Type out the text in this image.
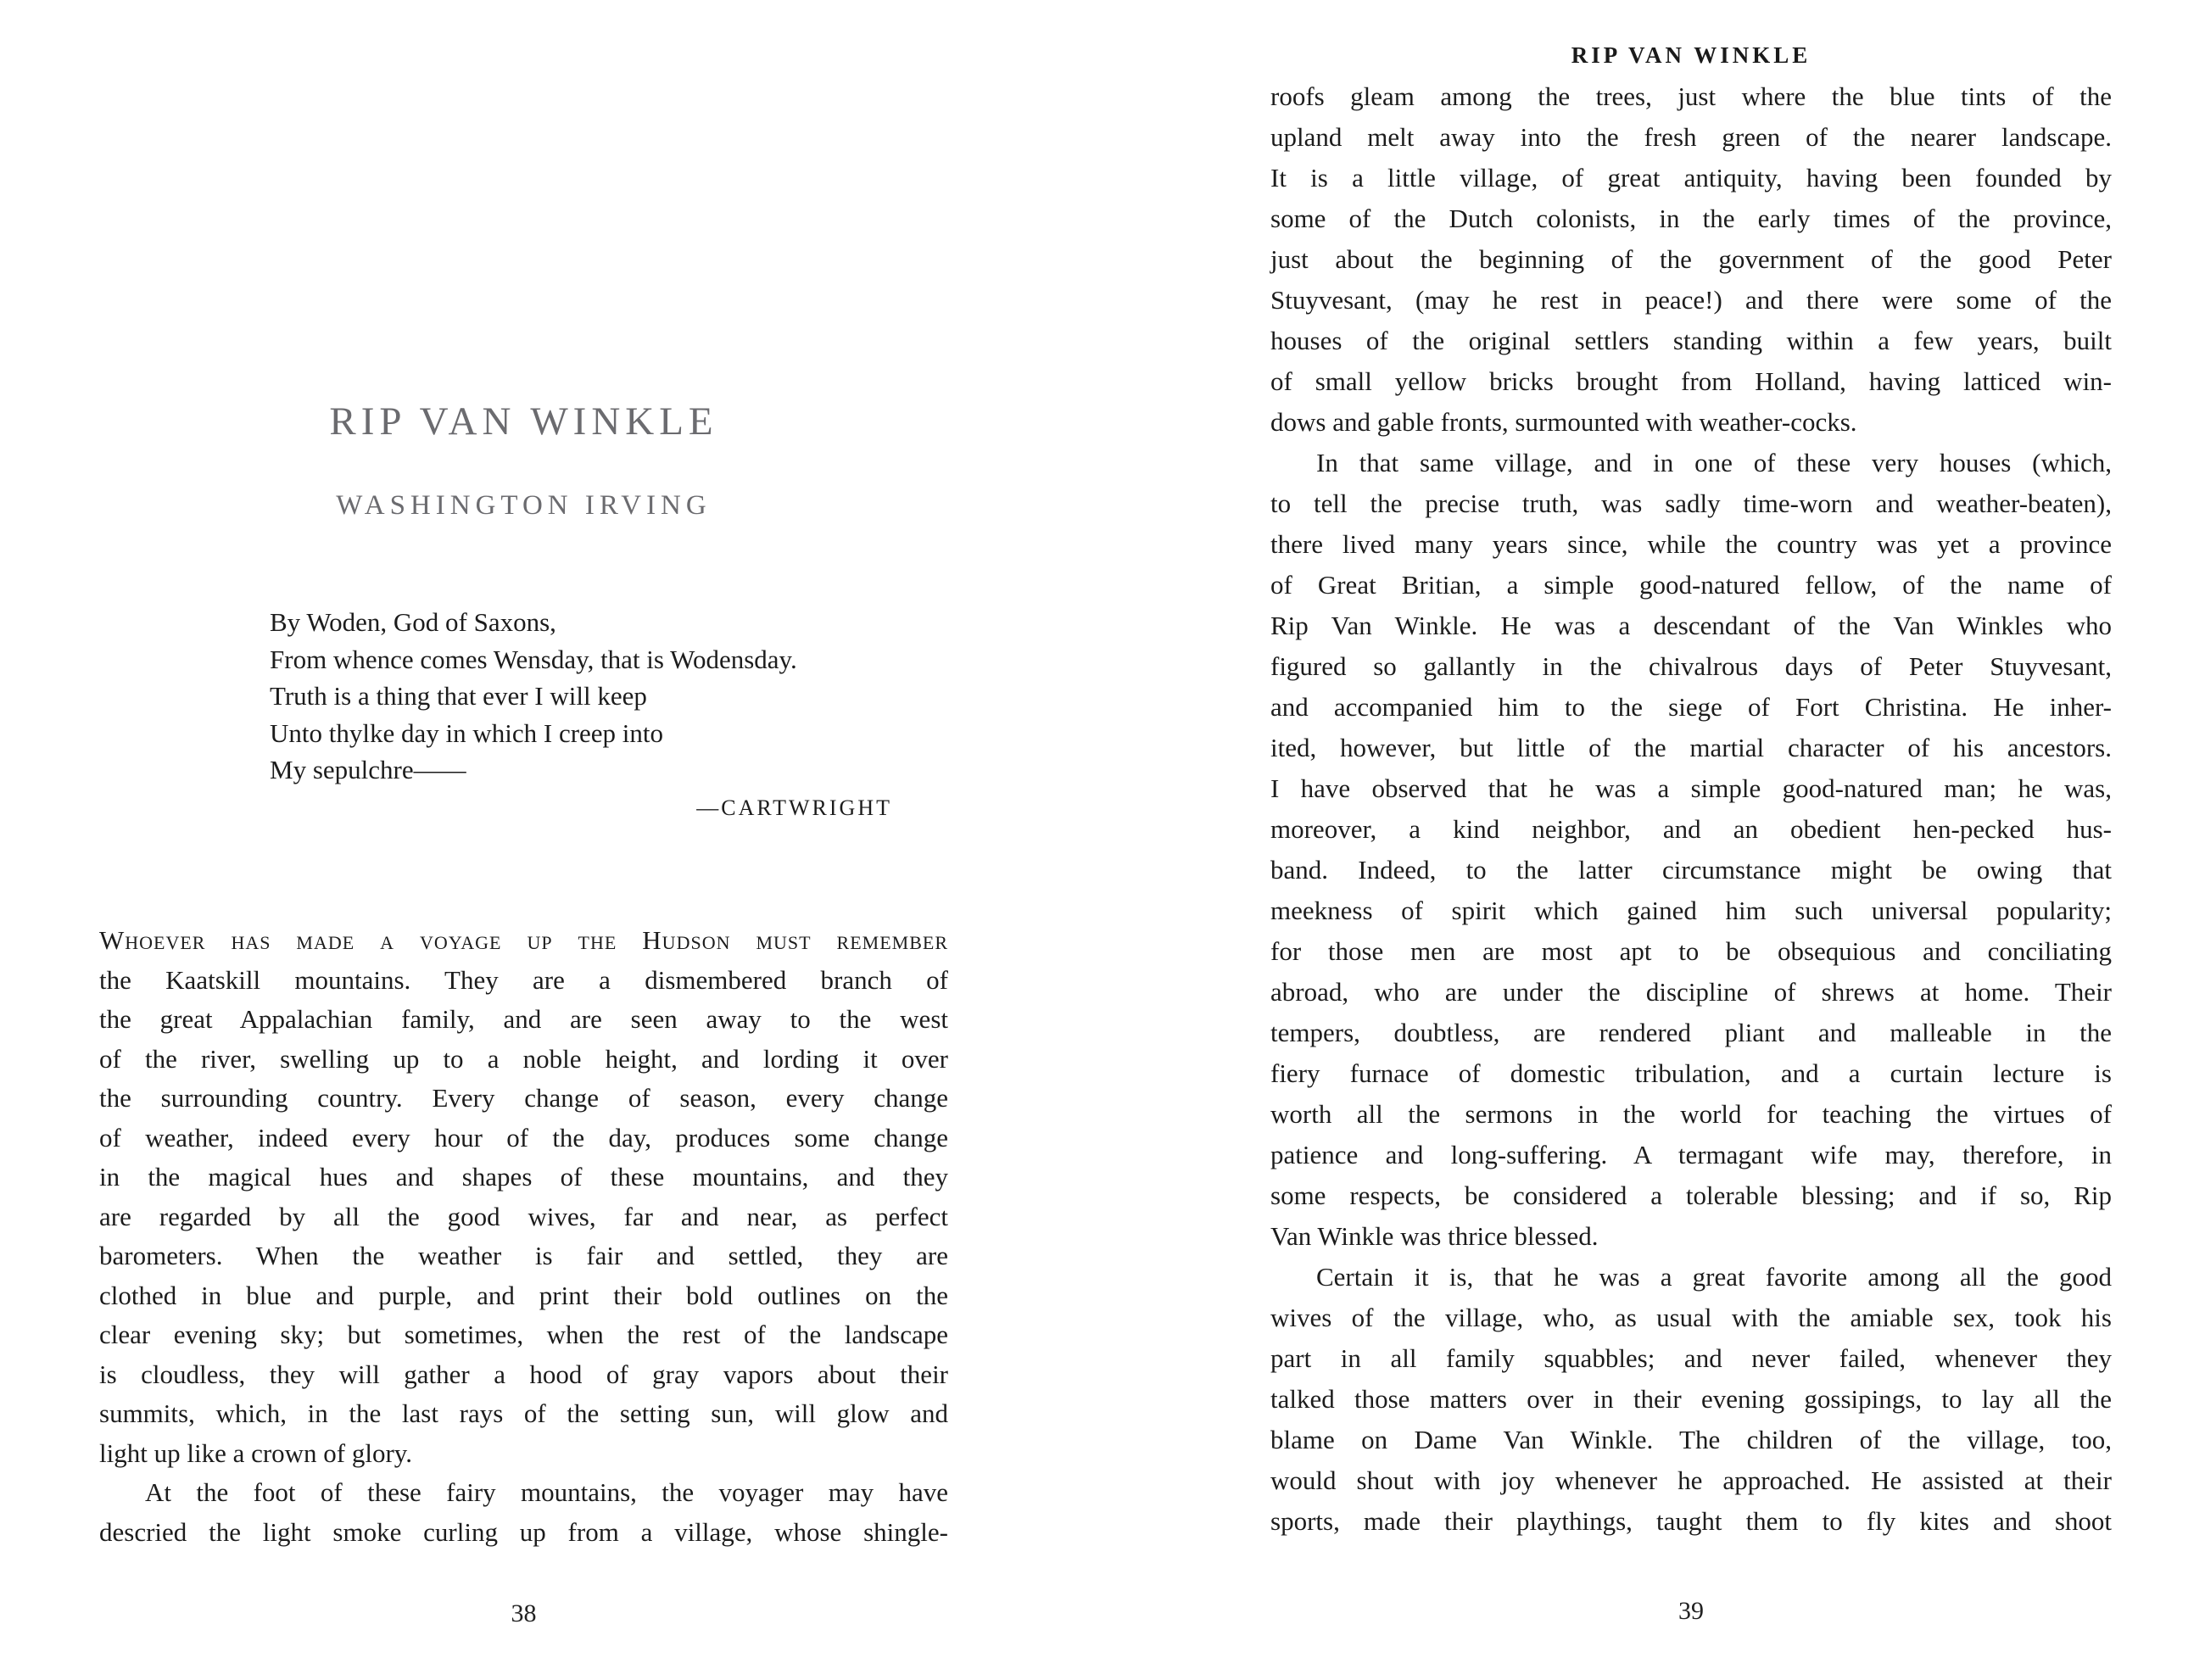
RIP VAN WINKLE
WASHINGTON IRVING
By Woden, God of Saxons,
From whence comes Wensday, that is Wodensday.
Truth is a thing that ever I will keep
Unto thylke day in which I creep into
My sepulchre——
—CARTWRIGHT
Whoever has made a voyage up the Hudson must remember
the Kaatskill mountains. They are a dismembered branch of
the great Appalachian family, and are seen away to the west
of the river, swelling up to a noble height, and lording it over
the surrounding country. Every change of season, every change
of weather, indeed every hour of the day, produces some change
in the magical hues and shapes of these mountains, and they
are regarded by all the good wives, far and near, as perfect
barometers. When the weather is fair and settled, they are
clothed in blue and purple, and print their bold outlines on the
clear evening sky; but sometimes, when the rest of the landscape
is cloudless, they will gather a hood of gray vapors about their
summits, which, in the last rays of the setting sun, will glow and
light up like a crown of glory.
At the foot of these fairy mountains, the voyager may have
descried the light smoke curling up from a village, whose shingle-
38
RIP VAN WINKLE
roofs gleam among the trees, just where the blue tints of the
upland melt away into the fresh green of the nearer landscape.
It is a little village, of great antiquity, having been founded by
some of the Dutch colonists, in the early times of the province,
just about the beginning of the government of the good Peter
Stuyvesant, (may he rest in peace!) and there were some of the
houses of the original settlers standing within a few years, built
of small yellow bricks brought from Holland, having latticed win-
dows and gable fronts, surmounted with weather-cocks.
In that same village, and in one of these very houses (which,
to tell the precise truth, was sadly time-worn and weather-beaten),
there lived many years since, while the country was yet a province
of Great Britian, a simple good-natured fellow, of the name of
Rip Van Winkle. He was a descendant of the Van Winkles who
figured so gallantly in the chivalrous days of Peter Stuyvesant,
and accompanied him to the siege of Fort Christina. He inher-
ited, however, but little of the martial character of his ancestors.
I have observed that he was a simple good-natured man; he was,
moreover, a kind neighbor, and an obedient hen-pecked hus-
band. Indeed, to the latter circumstance might be owing that
meekness of spirit which gained him such universal popularity;
for those men are most apt to be obsequious and conciliating
abroad, who are under the discipline of shrews at home. Their
tempers, doubtless, are rendered pliant and malleable in the
fiery furnace of domestic tribulation, and a curtain lecture is
worth all the sermons in the world for teaching the virtues of
patience and long-suffering. A termagant wife may, therefore, in
some respects, be considered a tolerable blessing; and if so, Rip
Van Winkle was thrice blessed.
Certain it is, that he was a great favorite among all the good
wives of the village, who, as usual with the amiable sex, took his
part in all family squabbles; and never failed, whenever they
talked those matters over in their evening gossipings, to lay all the
blame on Dame Van Winkle. The children of the village, too,
would shout with joy whenever he approached. He assisted at their
sports, made their playthings, taught them to fly kites and shoot
39
